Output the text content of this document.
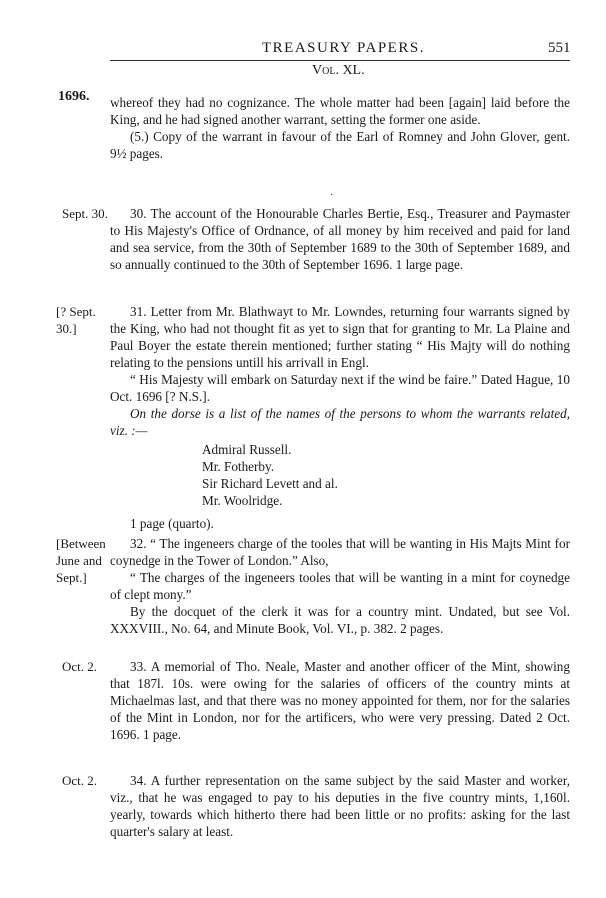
TREASURY PAPERS.	551
Vol. XL.
1696. whereof they had no cognizance. The whole matter had been [again] laid before the King, and he had signed another warrant, setting the former one aside.

(5.) Copy of the warrant in favour of the Earl of Romney and John Glover, gent. 9½ pages.

·
Sept. 30.	30. The account of the Honourable Charles Bertie, Esq., Treasurer and Paymaster to His Majesty's Office of Ordnance, of all money by him received and paid for land and sea service, from the 30th of September 1689 to the 30th of September 1689, and so annually continued to the 30th of September 1696. 1 large page.

[? Sept. 30.]

31. Letter from Mr. Blathwayt to Mr. Lowndes, returning four warrants signed by the King, who had not thought fit as yet to sign that for granting to Mr. La Plaine and Paul Boyer the estate therein mentioned; further stating “ His Majty will do nothing relating to the pensions untill his arrivall in Engl.

“ His Majesty will embark on Saturday next if the wind be faire.” Dated Hague, 10 Oct. 1696 [? N.S.].

On the dorse is a list of the names of the persons to whom the warrants related, viz. :—

Admiral Russell.
Mr. Fotherby.
Sir Richard Levett and al.
Mr. Woolridge.

1 page (quarto).

[Between June and Sept.]

32. “ The ingeneers charge of the tooles that will be wanting in His Majts Mint for coynedge in the Tower of London.” Also,

“ The charges of the ingeneers tooles that will be wanting in a mint for coynedge of clept mony.”

By the docquet of the clerk it was for a country mint. Undated, but see Vol. XXXVIII., No. 64, and Minute Book, Vol. VI., p. 382. 2 pages.

Oct. 2.	33. A memorial of Tho. Neale, Master and another officer of the Mint, showing that 187l. 10s. were owing for the salaries of officers of the country mints at Michaelmas last, and that there was no money appointed for them, nor for the salaries of the Mint in London, nor for the artificers, who were very pressing. Dated 2 Oct. 1696. 1 page.

Oct. 2.	34. A further representation on the same subject by the said Master and worker, viz., that he was engaged to pay to his deputies in the five country mints, 1,160l. yearly, towards which hitherto there had been little or no profits: asking for the last quarter's salary at least.
